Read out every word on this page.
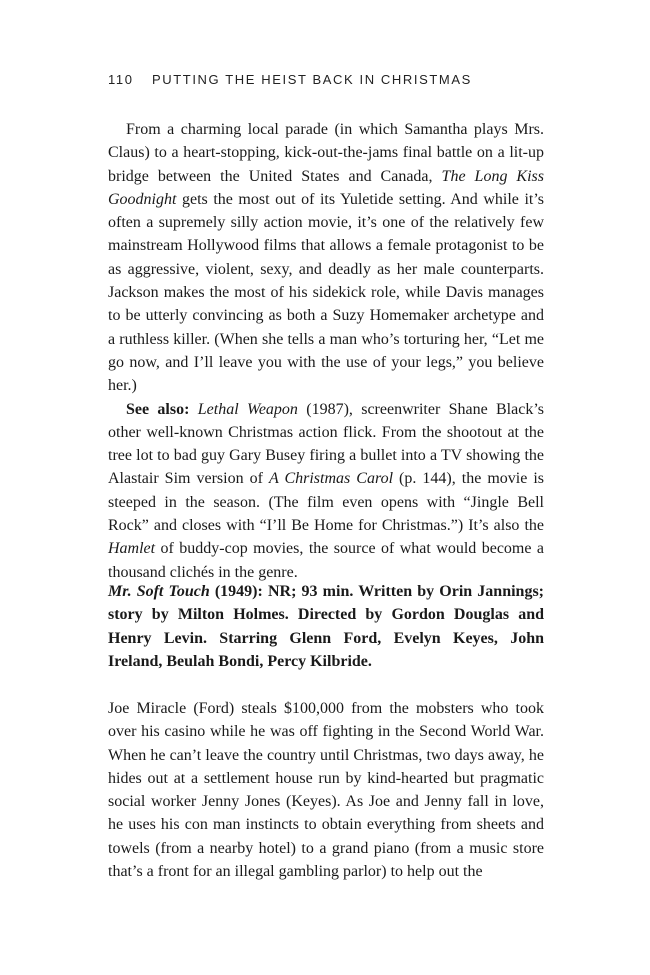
110 PUTTING THE HEIST BACK IN CHRISTMAS

From a charming local parade (in which Samantha plays Mrs. Claus) to a heart-stopping, kick-out-the-jams final battle on a lit-up bridge between the United States and Canada, The Long Kiss Goodnight gets the most out of its Yuletide setting. And while it’s often a supremely silly action movie, it’s one of the relatively few mainstream Hollywood films that allows a female protagonist to be as aggressive, violent, sexy, and deadly as her male counterparts. Jackson makes the most of his sidekick role, while Davis manages to be utterly convincing as both a Suzy Homemaker archetype and a ruthless killer. (When she tells a man who’s torturing her, “Let me go now, and I’ll leave you with the use of your legs,” you believe her.)

See also: Lethal Weapon (1987), screenwriter Shane Black’s other well-known Christmas action flick. From the shootout at the tree lot to bad guy Gary Busey firing a bullet into a TV showing the Alastair Sim version of A Christmas Carol (p. 144), the movie is steeped in the season. (The film even opens with “Jingle Bell Rock” and closes with “I’ll Be Home for Christmas.”) It’s also the Hamlet of buddy-cop movies, the source of what would become a thousand clichés in the genre.

Mr. Soft Touch (1949): NR; 93 min. Written by Orin Jannings; story by Milton Holmes. Directed by Gordon Douglas and Henry Levin. Starring Glenn Ford, Evelyn Keyes, John Ireland, Beulah Bondi, Percy Kilbride.

Joe Miracle (Ford) steals $100,000 from the mobsters who took over his casino while he was off fighting in the Second World War. When he can’t leave the country until Christmas, two days away, he hides out at a settlement house run by kind-hearted but pragmatic social worker Jenny Jones (Keyes). As Joe and Jenny fall in love, he uses his con man instincts to obtain everything from sheets and towels (from a nearby hotel) to a grand piano (from a music store that’s a front for an illegal gambling parlor) to help out the
